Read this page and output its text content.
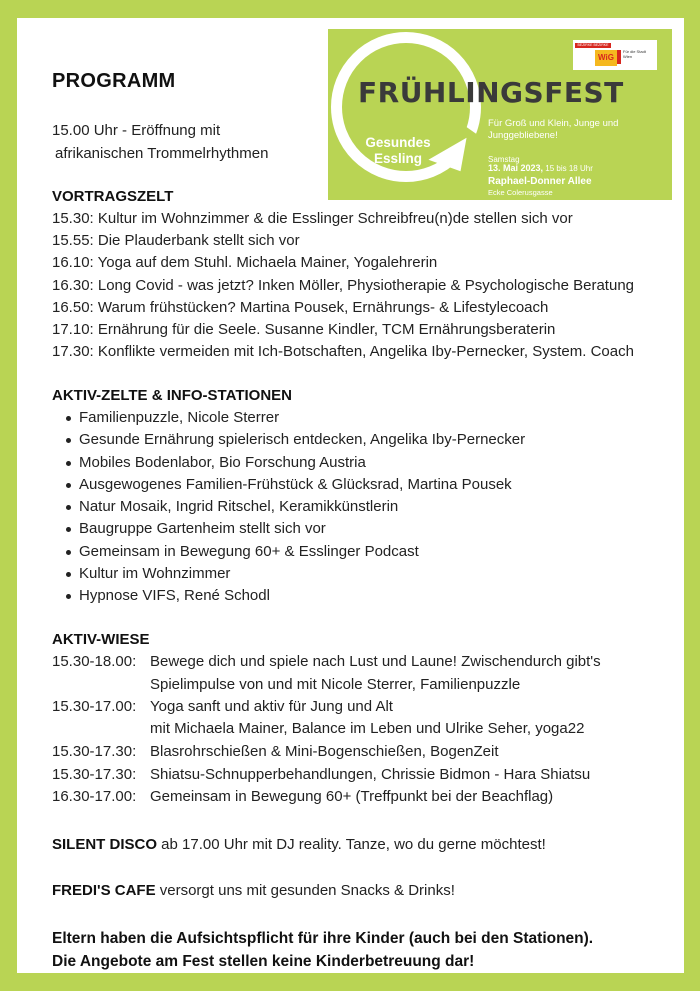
FRÜHLINGSFEST
Gesundes
Essling
Für Groß und Klein, Junge und
Junggebliebene!
Samstag
13. Mai 2023, 15 bis 18 Uhr
Raphael-Donner Allee
Ecke Colerusgasse
BEZIRKE BEZIRKE
WiG
Für die Stadt Wien
PROGRAMM
15.00 Uhr - Eröffnung mit
afrikanischen Trommelrhythmen
VORTRAGSZELT
15.30: Kultur im Wohnzimmer & die Esslinger Schreibfreu(n)de stellen sich vor
15.55: Die Plauderbank stellt sich vor
16.10: Yoga auf dem Stuhl. Michaela Mainer, Yogalehrerin
16.30: Long Covid - was jetzt? Inken Möller, Physiotherapie & Psychologische Beratung
16.50: Warum frühstücken? Martina Pousek, Ernährungs- & Lifestylecoach
17.10: Ernährung für die Seele. Susanne Kindler, TCM Ernährungsberaterin
17.30: Konflikte vermeiden mit Ich-Botschaften, Angelika Iby-Pernecker, System. Coach
AKTIV-ZELTE & INFO-STATIONEN
Familienpuzzle, Nicole Sterrer
Gesunde Ernährung spielerisch entdecken, Angelika Iby-Pernecker
Mobiles Bodenlabor, Bio Forschung Austria
Ausgewogenes Familien-Frühstück & Glücksrad, Martina Pousek
Natur Mosaik, Ingrid Ritschel, Keramikkünstlerin
Baugruppe Gartenheim stellt sich vor
Gemeinsam in Bewegung 60+ & Esslinger Podcast
Kultur im Wohnzimmer
Hypnose VIFS, René Schodl
AKTIV-WIESE
15.30-18.00: Bewege dich und spiele nach Lust und Laune! Zwischendurch gibt's
Spielimpulse von und mit Nicole Sterrer, Familienpuzzle
15.30-17.00: Yoga sanft und aktiv für Jung und Alt
mit Michaela Mainer, Balance im Leben und Ulrike Seher, yoga22
15.30-17.30: Blasrohrschießen & Mini-Bogenschießen, BogenZeit
15.30-17.30: Shiatsu-Schnupperbehandlungen, Chrissie Bidmon - Hara Shiatsu
16.30-17.00: Gemeinsam in Bewegung 60+ (Treffpunkt bei der Beachflag)
SILENT DISCO ab 17.00 Uhr mit DJ reality. Tanze, wo du gerne möchtest!
FREDI'S CAFE versorgt uns mit gesunden Snacks & Drinks!
Eltern haben die Aufsichtspflicht für ihre Kinder (auch bei den Stationen).
Die Angebote am Fest stellen keine Kinderbetreuung dar!
